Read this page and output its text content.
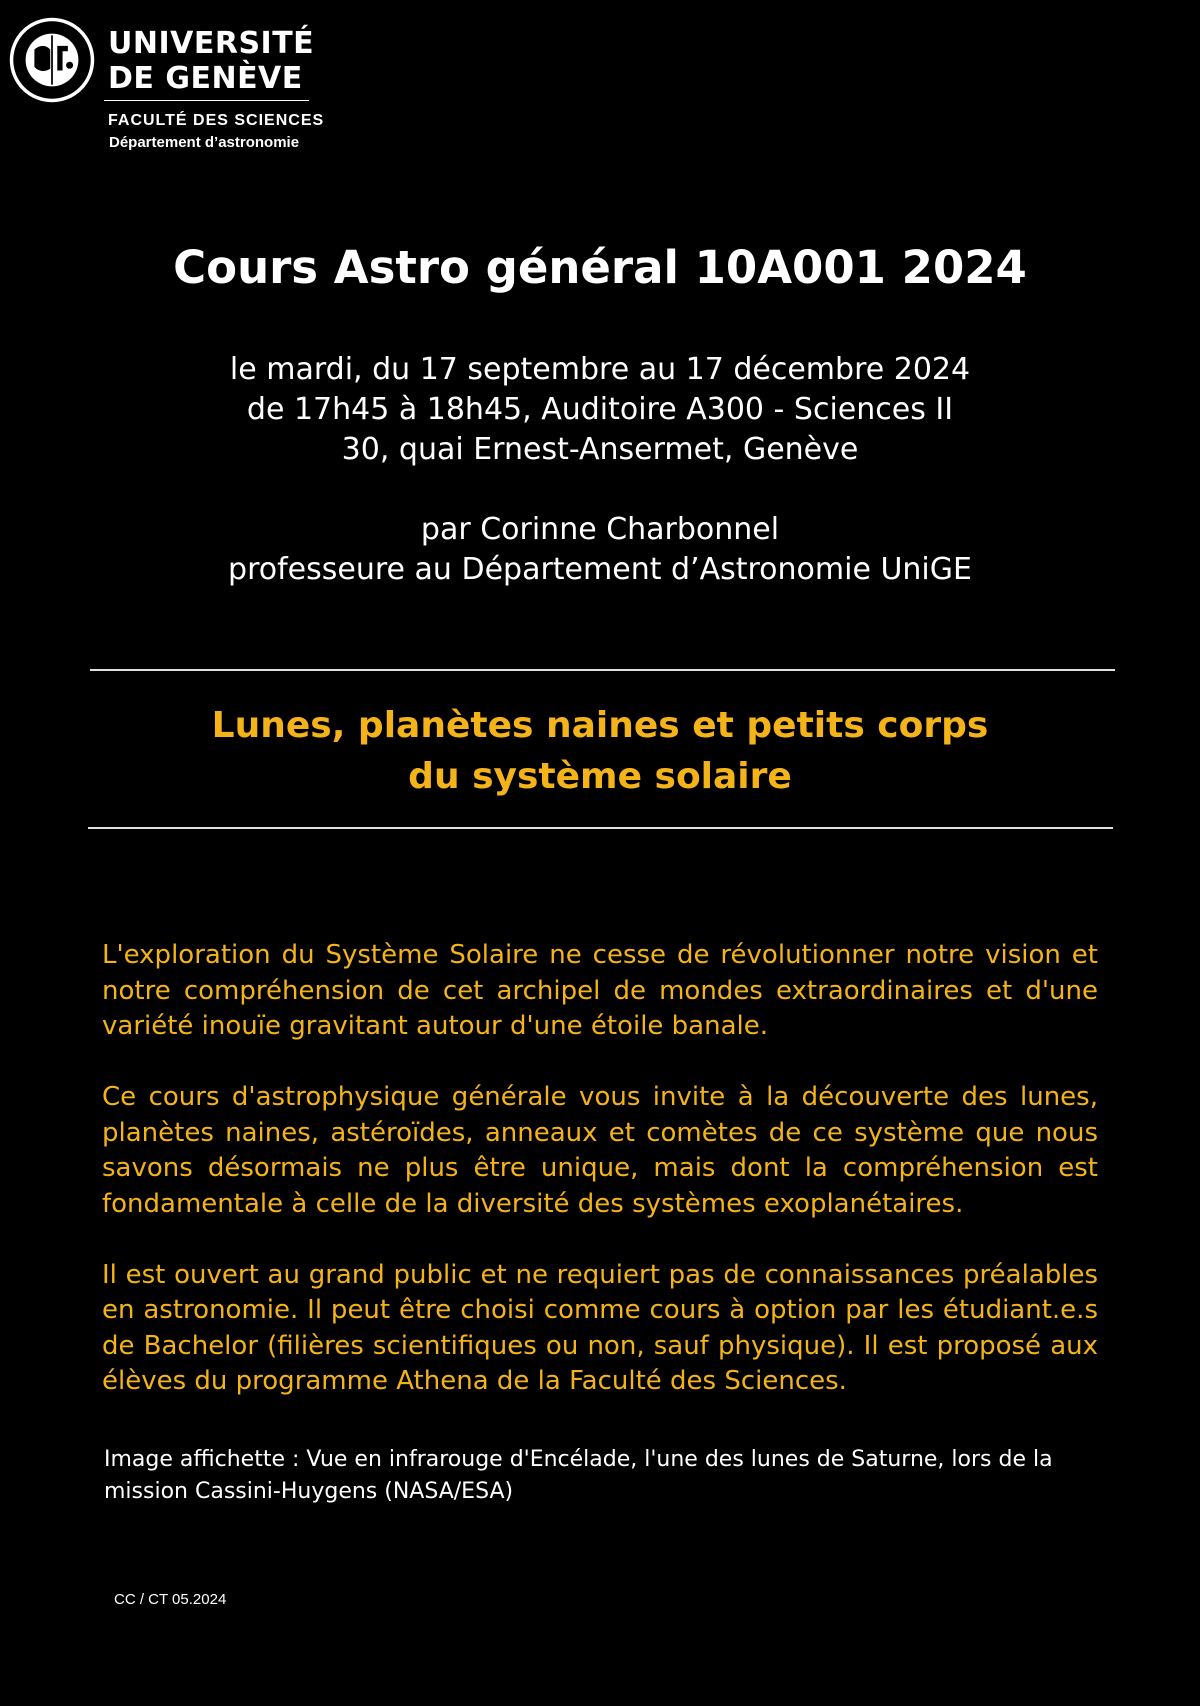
UNIVERSITÉ
DE GENÈVE
FACULTÉ DES SCIENCES
Département d’astronomie
Cours Astro général 10A001 2024
le mardi, du 17 septembre au 17 décembre 2024
de 17h45 à 18h45, Auditoire A300 - Sciences II
30, quai Ernest-Ansermet, Genève
par Corinne Charbonnel
professeure au Département d’Astronomie UniGE
Lunes, planètes naines et petits corps
du système solaire

L'exploration du Système Solaire ne cesse de révolutionner notre vision et notre compréhension de cet archipel de mondes extraordinaires et d'une variété inouïe gravitant autour d'une étoile banale.

Ce cours d'astrophysique générale vous invite à la découverte des lunes, planètes naines, astéroïdes, anneaux et comètes de ce système que nous savons désormais ne plus être unique, mais dont la compréhension est fondamentale à celle de la diversité des systèmes exoplanétaires.

Il est ouvert au grand public et ne requiert pas de connaissances préalables en astronomie. Il peut être choisi comme cours à option par les étudiant.e.s de Bachelor (filières scientifiques ou non, sauf physique). Il est proposé aux élèves du programme Athena de la Faculté des Sciences.

Image affichette : Vue en infrarouge d'Encélade, l'une des lunes de Saturne, lors de la mission Cassini-Huygens (NASA/ESA)
CC / CT 05.2024
